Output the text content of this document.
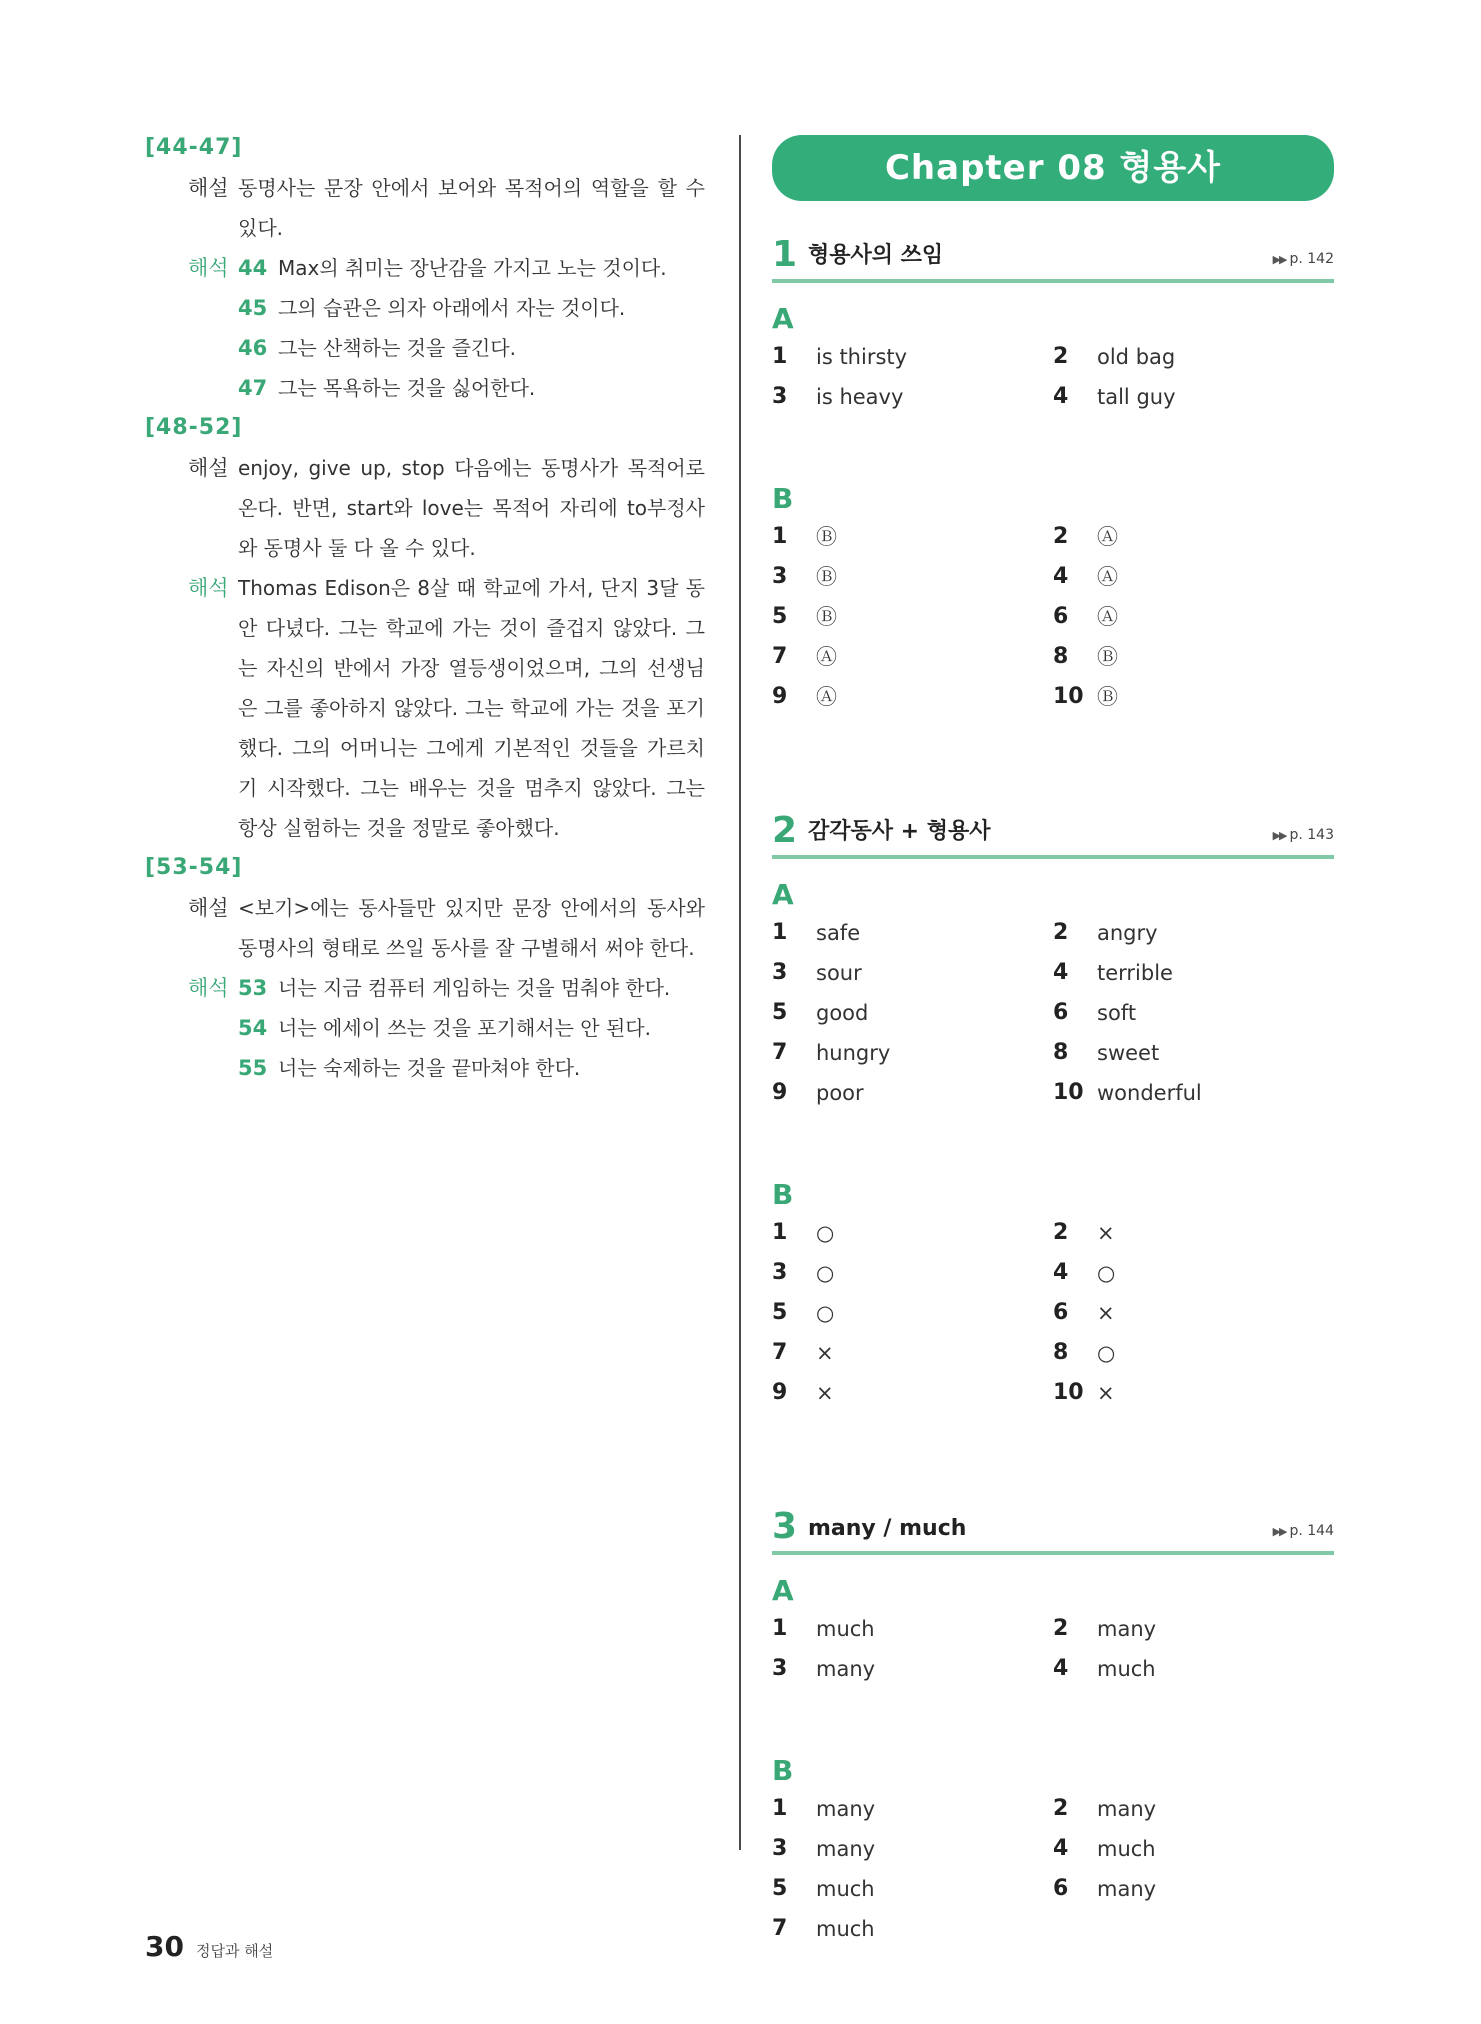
[44-47]
해설 동명사는 문장 안에서 보어와 목적어의 역할을 할 수 있다.
해석 44 Max의 취미는 장난감을 가지고 노는 것이다.
45 그의 습관은 의자 아래에서 자는 것이다.
46 그는 산책하는 것을 즐긴다.
47 그는 목욕하는 것을 싫어한다.
[48-52]
해설 enjoy, give up, stop 다음에는 동명사가 목적어로 온다. 반면, start와 love는 목적어 자리에 to부정사와 동명사 둘 다 올 수 있다.
해석 Thomas Edison은 8살 때 학교에 가서, 단지 3달 동안 다녔다. 그는 학교에 가는 것이 즐겁지 않았다. 그는 자신의 반에서 가장 열등생이었으며, 그의 선생님은 그를 좋아하지 않았다. 그는 학교에 가는 것을 포기했다. 그의 어머니는 그에게 기본적인 것들을 가르치기 시작했다. 그는 배우는 것을 멈추지 않았다. 그는 항상 실험하는 것을 정말로 좋아했다.
[53-54]
해설 <보기>에는 동사들만 있지만 문장 안에서의 동사와 동명사의 형태로 쓰일 동사를 잘 구별해서 써야 한다.
해석 53 너는 지금 컴퓨터 게임하는 것을 멈춰야 한다.
54 너는 에세이 쓰는 것을 포기해서는 안 된다.
55 너는 숙제하는 것을 끝마쳐야 한다.
Chapter 08 형용사
1 형용사의 쓰임	▶▶ p. 142
A
1	is thirsty	2	old bag
3	is heavy	4	tall guy
B
1	Ⓑ	2	Ⓐ
3	Ⓑ	4	Ⓐ
5	Ⓑ	6	Ⓐ
7	Ⓐ	8	Ⓑ
9	Ⓐ	10 Ⓑ
2 감각동사 + 형용사	▶▶ p. 143
A
1	safe	2	angry
3	sour	4	terrible
5	good	6	soft
7	hungry	8	sweet
9	poor	10 wonderful
B
1	○	2	×
3	○	4	○
5	○	6	×
7	×	8	○
9	×	10 ×
3 many / much	▶▶ p. 144
A
1	much	2	many
3	many	4	much
B
1	many	2	many
3	many	4	much
5	much	6	many
7	much
30 정답과 해설
